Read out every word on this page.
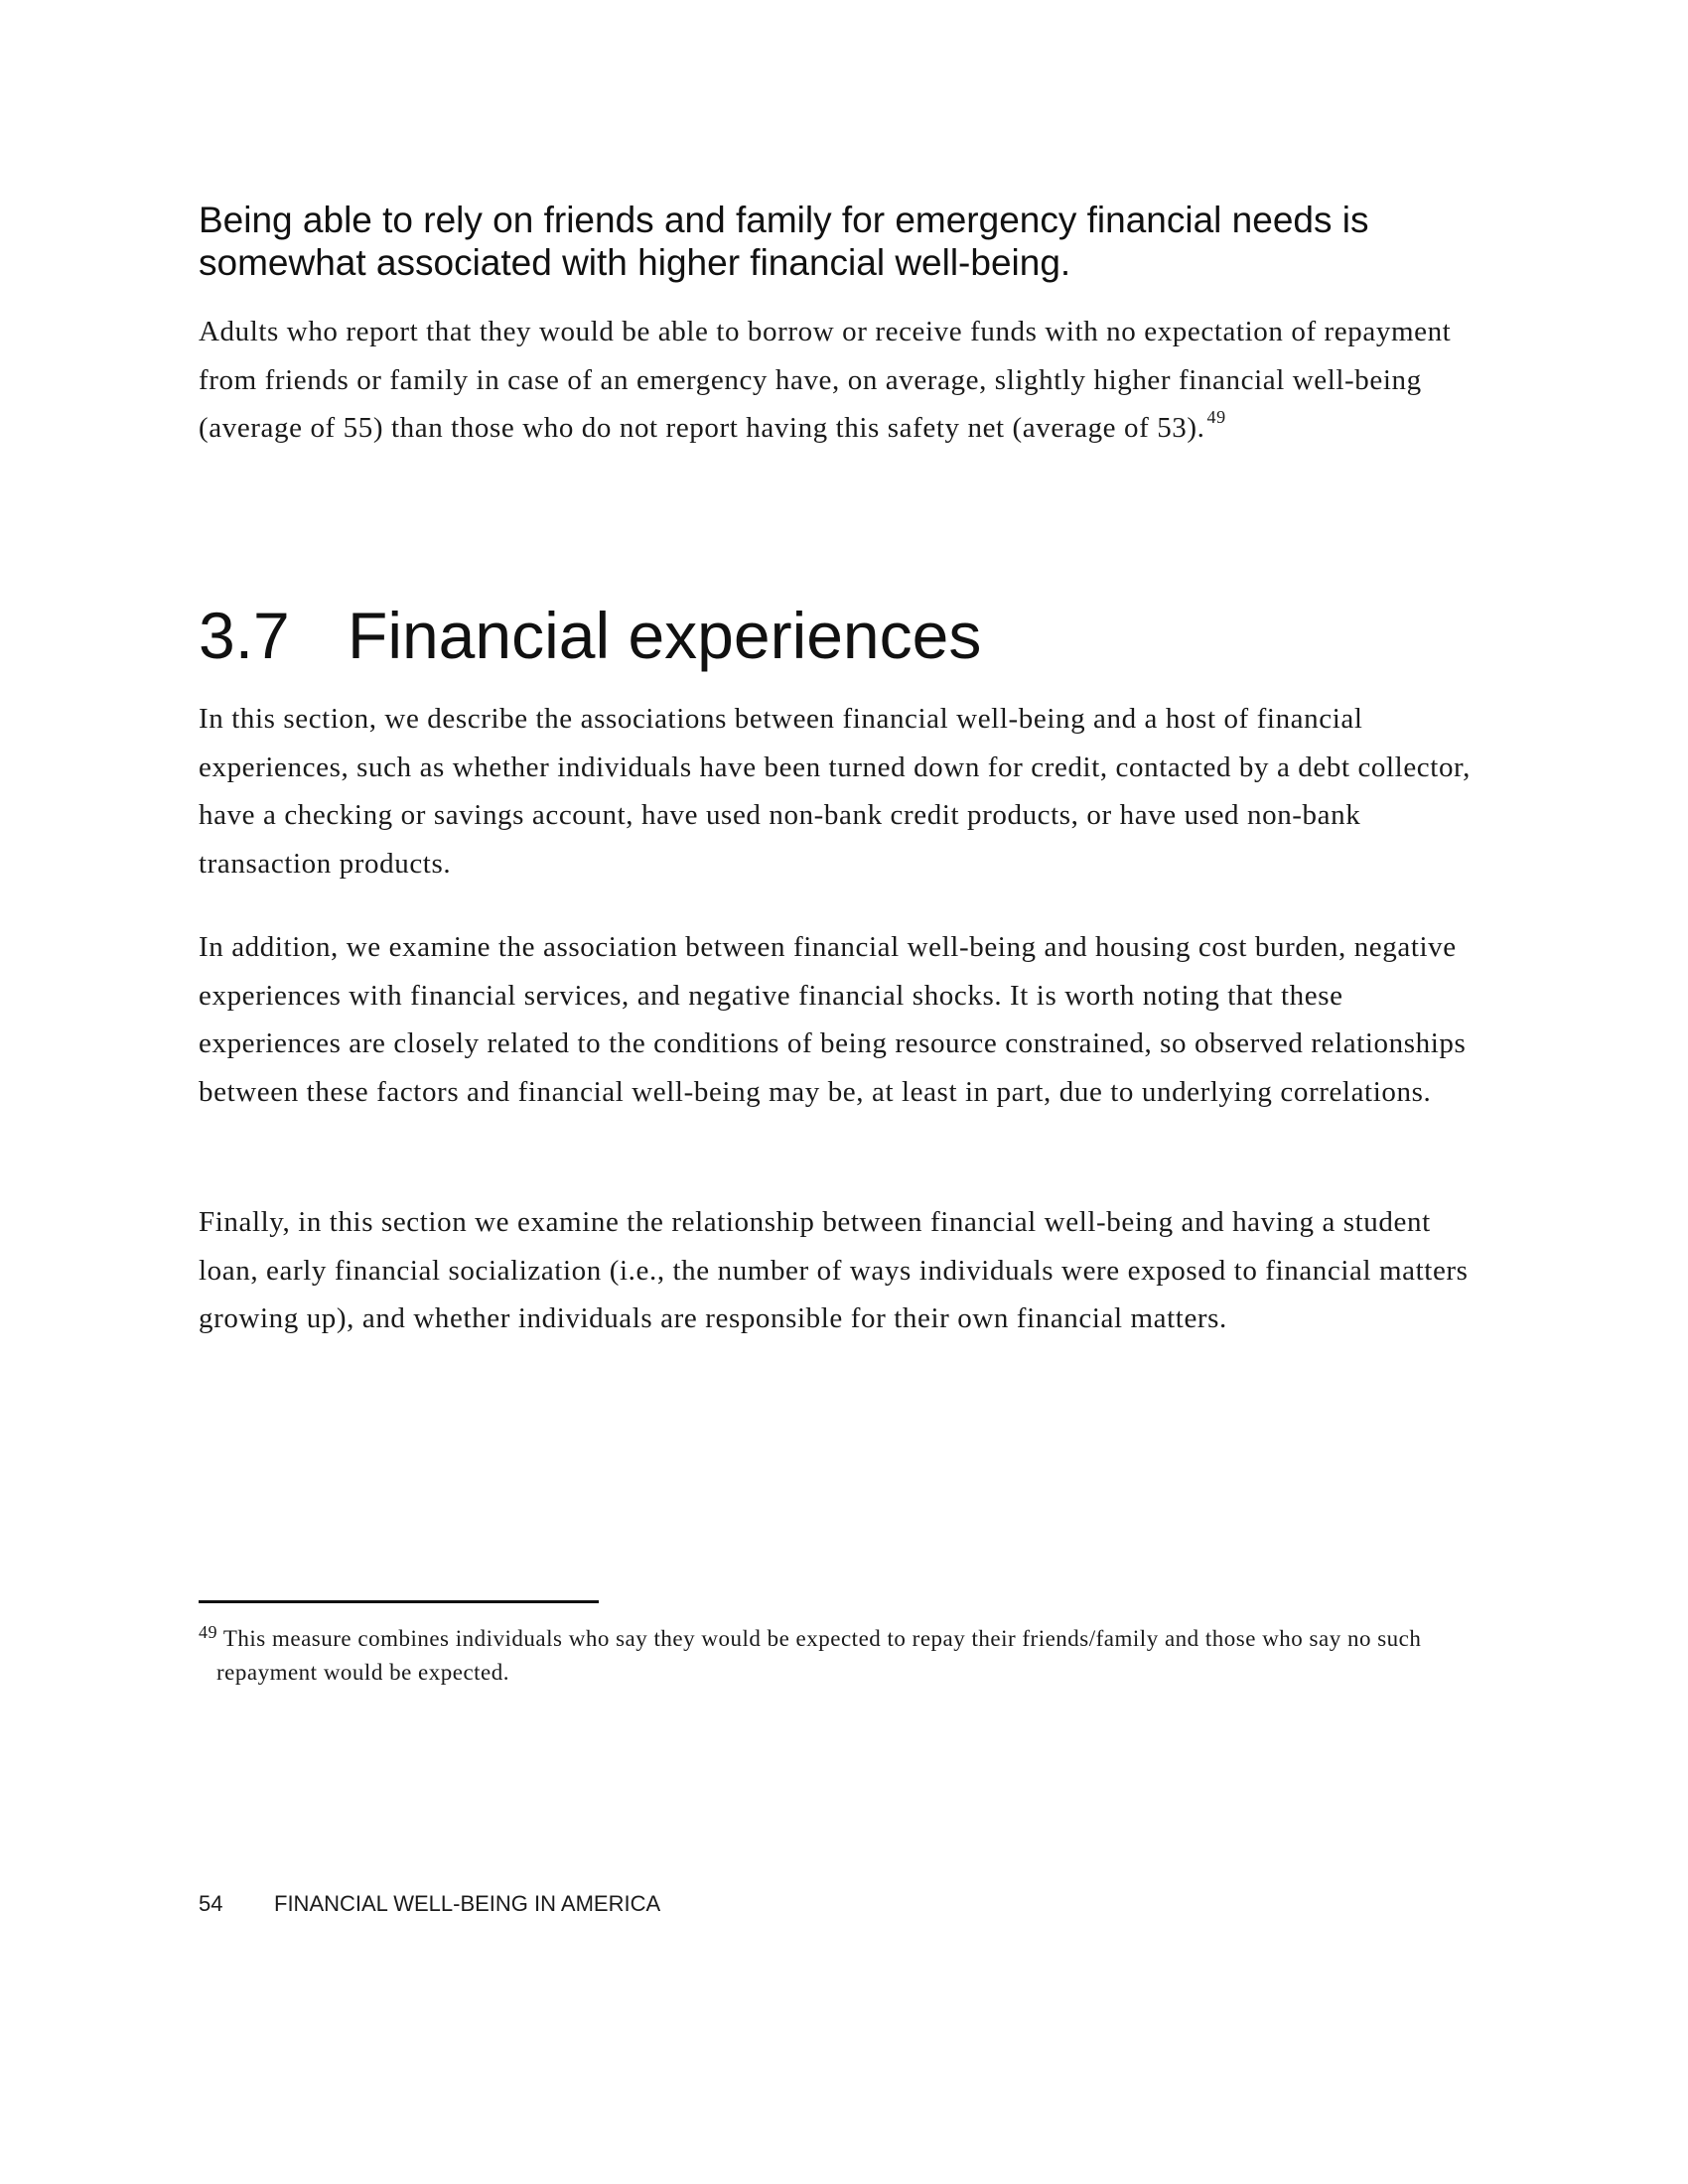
Being able to rely on friends and family for emergency financial needs is somewhat associated with higher financial well-being.

Adults who report that they would be able to borrow or receive funds with no expectation of repayment from friends or family in case of an emergency have, on average, slightly higher financial well-being (average of 55) than those who do not report having this safety net (average of 53). $^{49}$

3.7 Financial experiences

In this section, we describe the associations between financial well-being and a host of financial experiences, such as whether individuals have been turned down for credit, contacted by a debt collector, have a checking or savings account, have used non-bank credit products, or have used non-bank transaction products.

In addition, we examine the association between financial well-being and housing cost burden, negative experiences with financial services, and negative financial shocks. It is worth noting that these experiences are closely related to the conditions of being resource constrained, so observed relationships between these factors and financial well-being may be, at least in part, due to underlying correlations.

Finally, in this section we examine the relationship between financial well-being and having a student loan, early financial socialization (i.e., the number of ways individuals were exposed to financial matters growing up), and whether individuals are responsible for their own financial matters.

$^{49}$ This measure combines individuals who say they would be expected to repay their friends/family and those who say no such repayment would be expected.
54 FINANCIAL WELL-BEING IN AMERICA
